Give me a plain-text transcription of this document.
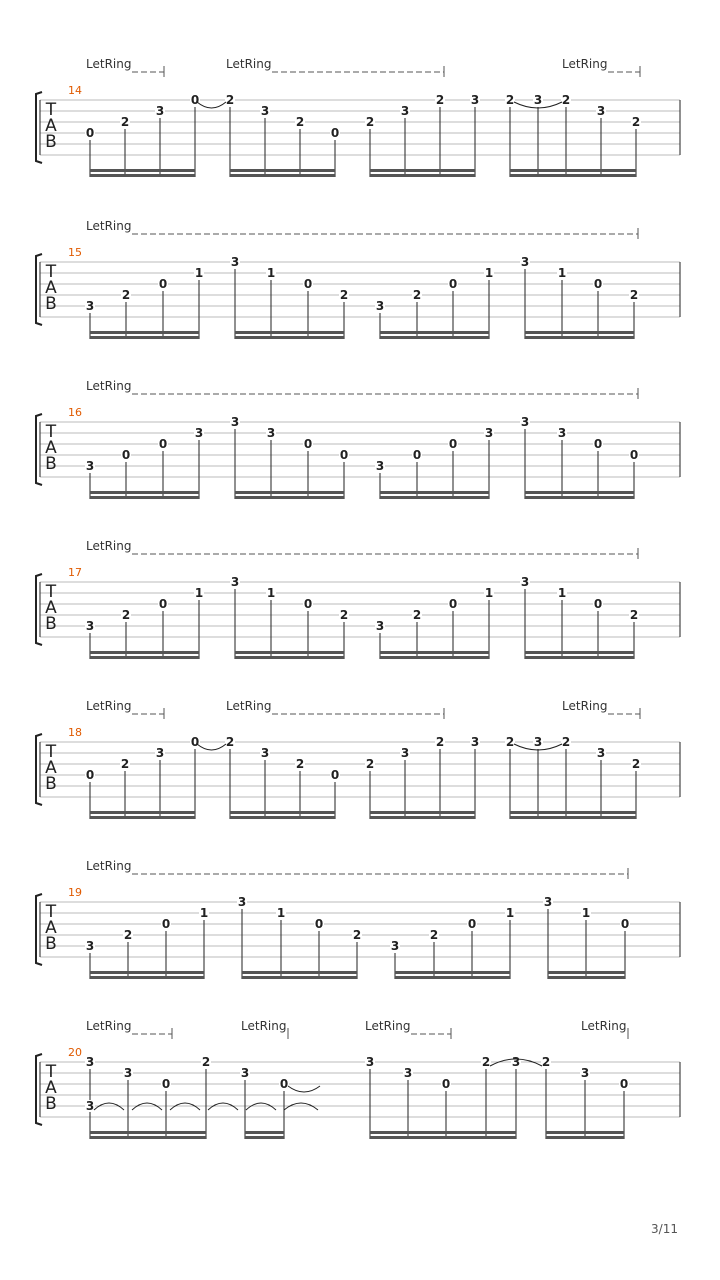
T
A
B
14
LetRing	LetRing	LetRing
0
2
3
0 2
3
2
0
2
3
2 3 2 3 2
3
2
T
A
B
15
LetRing
3
2
0
1
3
1
0
2
3
2
0
1
3
1
0
2
T
A
B
16
LetRing
3
0
0
3
3
3
0
0
3
0
0
3
3
3
0
0
T
A
B
17
LetRing
3
2
0
1
3
1
0
2
3
2
0
1
3
1
0
2
T
A
B
18
LetRing	LetRing	LetRing
0
2
3
0 2
3
2
0
2
3
2 3 2 3 2
3
2
T
A
B
19
LetRing
3
2
0
1
3
1
0
2
3
2
0
1
3
1
0
T
A
B
20
LetRing	LetRing	LetRing	LetRing
3
3
0
2
3
0
3
3
3
0
2 3 2
3
0
3/11
